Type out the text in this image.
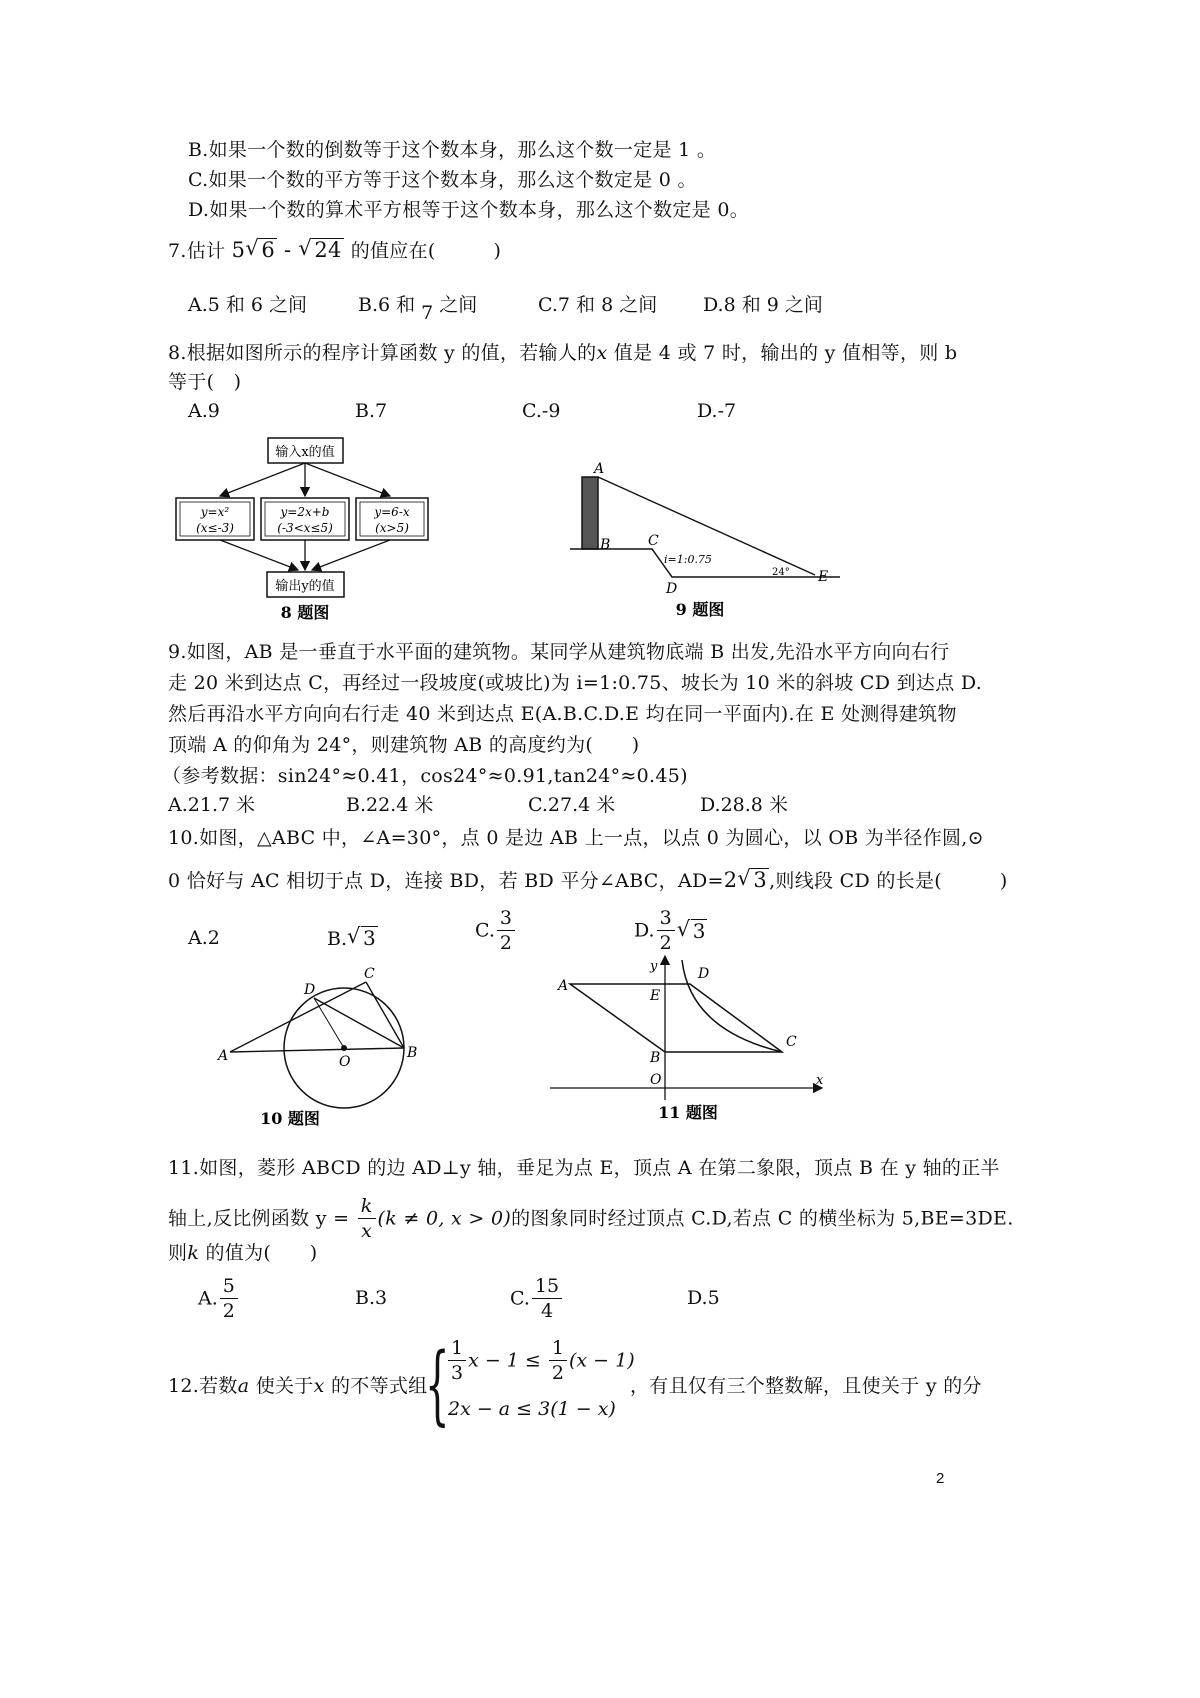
B.如果一个数的倒数等于这个数本身，那么这个数一定是 1 。
C.如果一个数的平方等于这个数本身，那么这个数定是 0 。
D.如果一个数的算术平方根等于这个数本身，那么这个数定是 0。
7.估计 5 √ 6 - √ 24 的值应在(　　　)
A.5 和 6 之间	B.6 和 7 之间	C.7 和 8 之间 D.8 和 9 之间
8.根据如图所示的程序计算函数 y 的值，若输人的x 值是 4 或 7 时，输出的 y 值相等，则 b
等于(　)
A.9	B.7	C.-9	D.-7
输入x的值
y=x²
(x≤-3)
y=2x+b
(-3<x≤5)
y=6-x
(x>5)
输出y的值
8 题图
A
B	C
D
E
i=1:0.75
24°
9 题图
9.如图，AB 是一垂直于水平面的建筑物。某同学从建筑物底端 B 出发,先沿水平方向向右行
走 20 米到达点 C，再经过一段坡度(或坡比)为 i=1:0.75、坡长为 10 米的斜坡 CD 到达点 D.
然后再沿水平方向向右行走 40 米到达点 E(A.B.C.D.E 均在同一平面内).在 E 处测得建筑物
顶端 A 的仰角为 24°，则建筑物 AB 的高度约为(　　)
（参考数据：sin24°≈0.41，cos24°≈0.91,tan24°≈0.45)
A.21.7 米	B.22.4 米	C.27.4 米	D.28.8 米
10.如图，△ABC 中，∠A=30°，点 0 是边 AB 上一点，以点 0 为圆心，以 OB 为半径作圆,⊙
0 恰好与 AC 相切于点 D，连接 BD，若 BD 平分∠ABC，AD=2 √ 3 ,则线段 CD 的长是(　　　)
A.2	B. √ 3	C. $\frac{3}{2}$	D. $\frac{3}{2}$ √ 3
A	B
C
D
O
10 题图
D
A
E
B
C
O	x
y
11 题图
11.如图，菱形 ABCD 的边 AD⊥y 轴，垂足为点 E，顶点 A 在第二象限，顶点 B 在 y 轴的正半
轴上,反比例函数 $y = \frac{k}{x} (k \ne 0$, x > 0)的图象同时经过顶点 C.D,若点 C 的横坐标为 5,BE=3DE.
则k 的值为(　　)
A. $\frac{5}{2}$	B.3	C. $\frac{15}{4}$	D.5
12.若数a 使关于x 的不等式组
{
$\frac{1}{3}$ $x - 1 \le \frac{1}{2} (x - 1)$
2x − a ≤ 3(1 − x)
，有且仅有三个整数解，且使关于 y 的分
2
